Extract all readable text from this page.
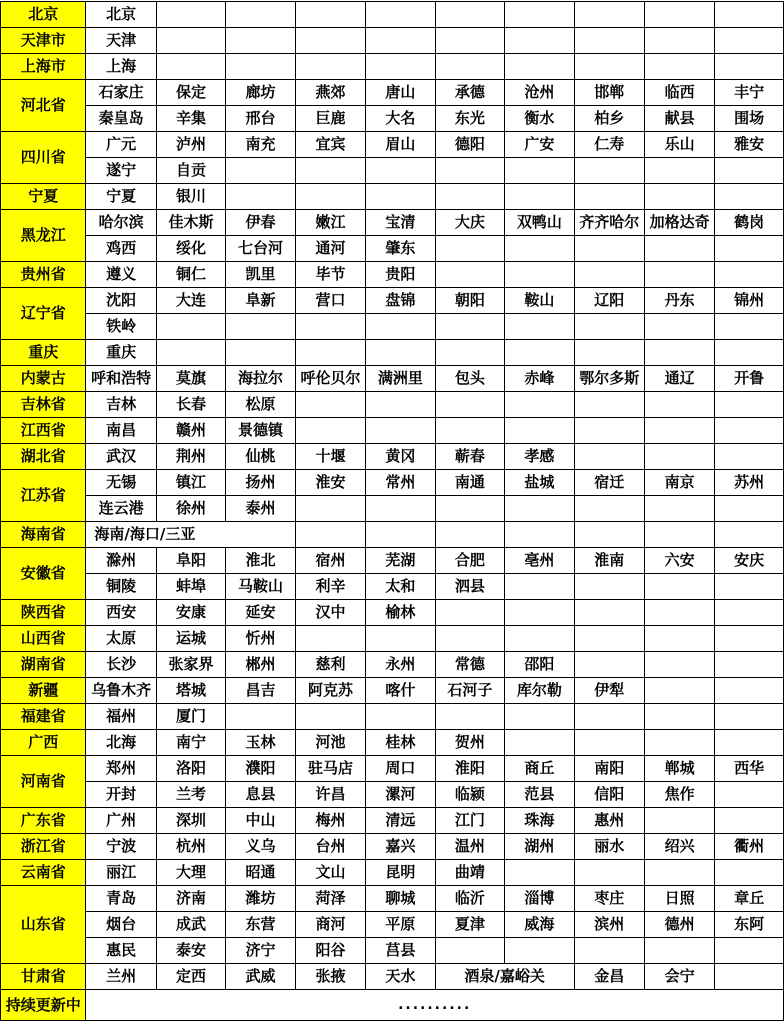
北京	北京									
天津市	天津									
上海市	上海									
河北省	石家庄	保定	廊坊	燕郊	唐山	承德	沧州	邯郸	临西	丰宁
	秦皇岛	辛集	邢台	巨鹿	大名	东光	衡水	柏乡	献县	围场
四川省	广元	泸州	南充	宜宾	眉山	德阳	广安	仁寿	乐山	雅安
	遂宁	自贡								
宁夏	宁夏	银川								
黑龙江	哈尔滨	佳木斯	伊春	嫩江	宝清	大庆	双鸭山	齐齐哈尔	加格达奇	鹤岗
	鸡西	绥化	七台河	通河	肇东					
贵州省	遵义	铜仁	凯里	毕节	贵阳					
辽宁省	沈阳	大连	阜新	营口	盘锦	朝阳	鞍山	辽阳	丹东	锦州
	铁岭									
重庆	重庆									
内蒙古	呼和浩特	莫旗	海拉尔	呼伦贝尔	满洲里	包头	赤峰	鄂尔多斯	通辽	开鲁
吉林省	吉林	长春	松原							
江西省	南昌	赣州	景德镇							
湖北省	武汉	荆州	仙桃	十堰	黄冈	蕲春	孝感			
江苏省	无锡	镇江	扬州	淮安	常州	南通	盐城	宿迁	南京	苏州
	连云港	徐州	泰州							
海南省	海南/海口/三亚									
安徽省	滁州	阜阳	淮北	宿州	芜湖	合肥	亳州	淮南	六安	安庆
	铜陵	蚌埠	马鞍山	利辛	太和	泗县				
陕西省	西安	安康	延安	汉中	榆林					
山西省	太原	运城	忻州							
湖南省	长沙	张家界	郴州	慈利	永州	常德	邵阳			
新疆	乌鲁木齐	塔城	昌吉	阿克苏	喀什	石河子	库尔勒	伊犁		
福建省	福州	厦门								
广西	北海	南宁	玉林	河池	桂林	贺州				
河南省	郑州	洛阳	濮阳	驻马店	周口	淮阳	商丘	南阳	郸城	西华
	开封	兰考	息县	许昌	漯河	临颍	范县	信阳	焦作	
广东省	广州	深圳	中山	梅州	清远	江门	珠海	惠州		
浙江省	宁波	杭州	义乌	台州	嘉兴	温州	湖州	丽水	绍兴	衢州
云南省	丽江	大理	昭通	文山	昆明	曲靖				
山东省	青岛	济南	潍坊	菏泽	聊城	临沂	淄博	枣庄	日照	章丘
	烟台	成武	东营	商河	平原	夏津	威海	滨州	德州	东阿
	惠民	泰安	济宁	阳谷	莒县					
甘肃省	兰州	定西	武威	张掖	天水	酒泉/嘉峪关		金昌	会宁	
持续更新中	..........									
